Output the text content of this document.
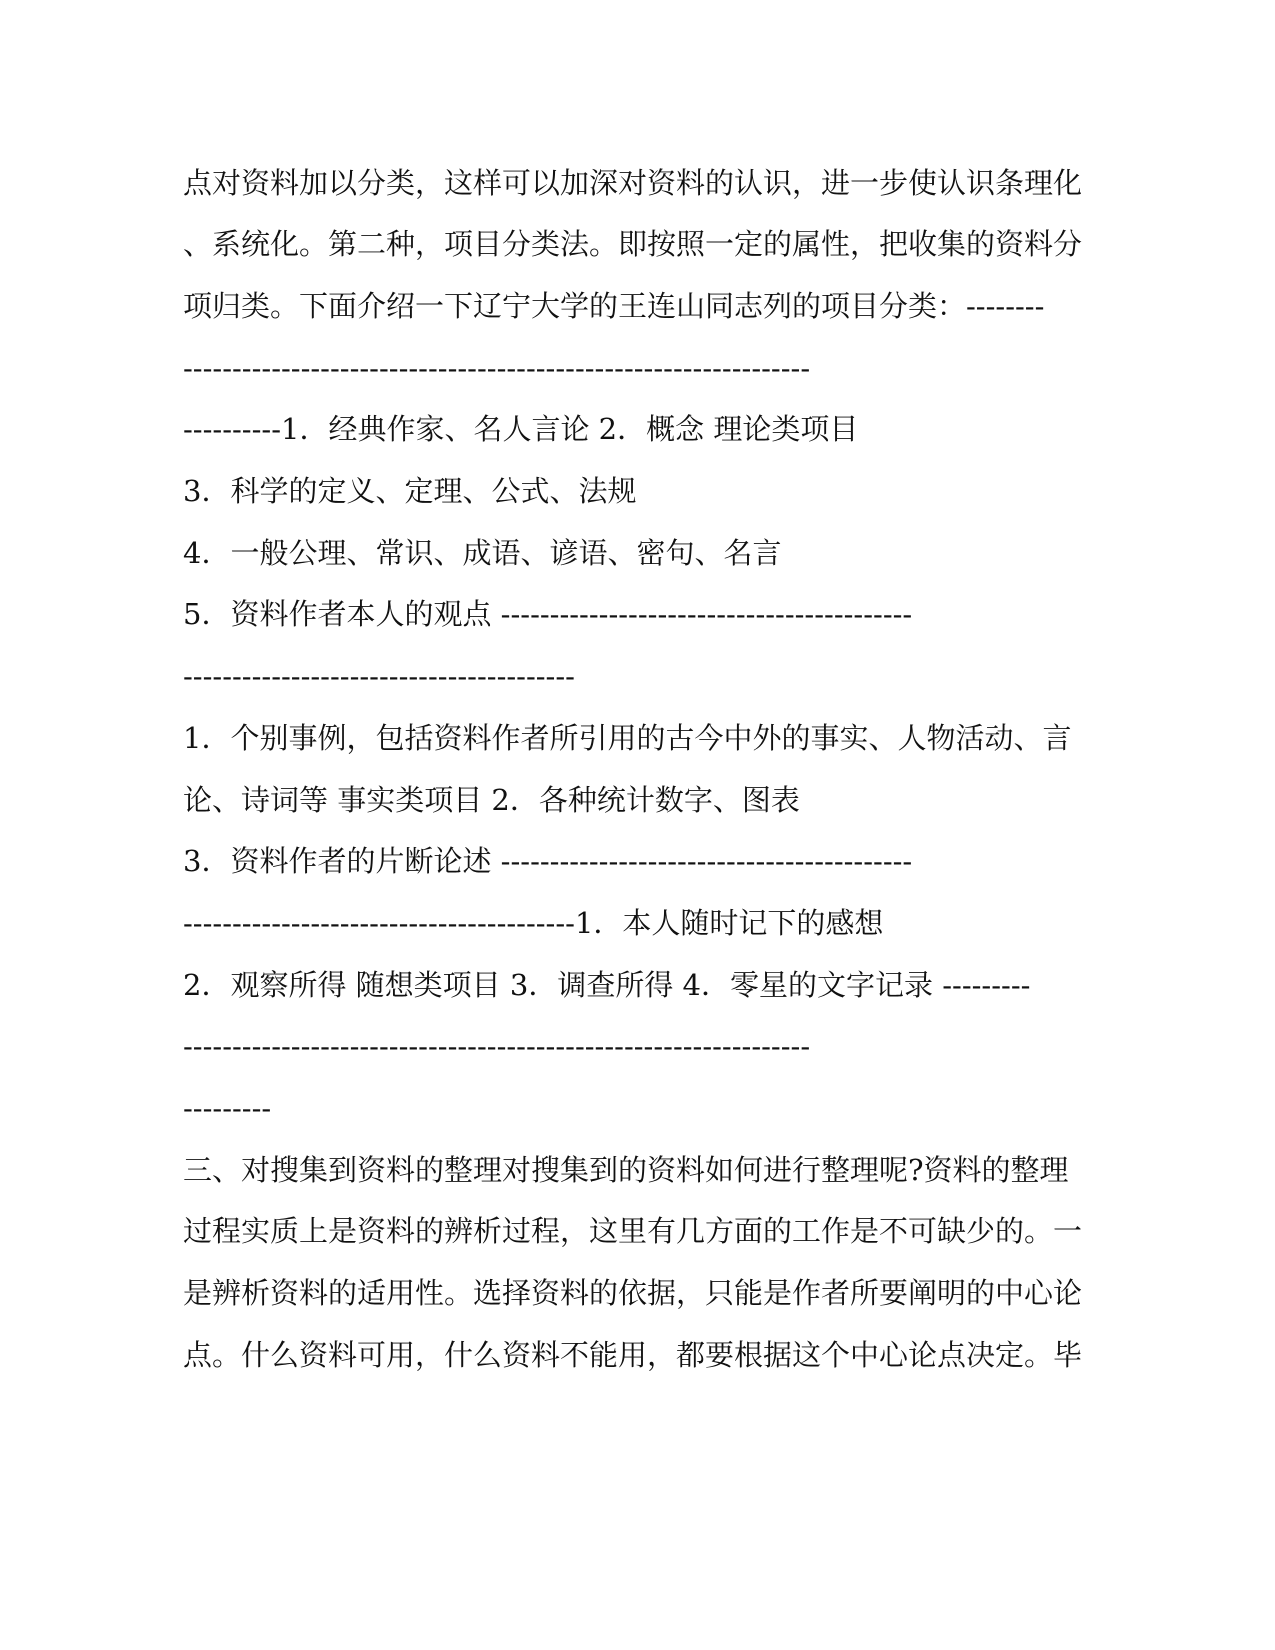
点对资料加以分类，这样可以加深对资料的认识，进一步使认识条理化
、系统化。第二种，项目分类法。即按照一定的属性，把收集的资料分
项归类。下面介绍一下辽宁大学的王连山同志列的项目分类：--------
----------------------------------------------------------------
----------1．经典作家、名人言论 2．概念 理论类项目
3．科学的定义、定理、公式、法规
4．一般公理、常识、成语、谚语、密句、名言
5．资料作者本人的观点 ------------------------------------------
----------------------------------------
1．个别事例，包括资料作者所引用的古今中外的事实、人物活动、言
论、诗词等 事实类项目 2．各种统计数字、图表
3．资料作者的片断论述 ------------------------------------------
----------------------------------------1．本人随时记下的感想
2．观察所得 随想类项目 3．调查所得 4．零星的文字记录 ---------
----------------------------------------------------------------
---------
三、对搜集到资料的整理对搜集到的资料如何进行整理呢?资料的整理
过程实质上是资料的辨析过程，这里有几方面的工作是不可缺少的。一
是辨析资料的适用性。选择资料的依据，只能是作者所要阐明的中心论
点。什么资料可用，什么资料不能用，都要根据这个中心论点决定。毕
